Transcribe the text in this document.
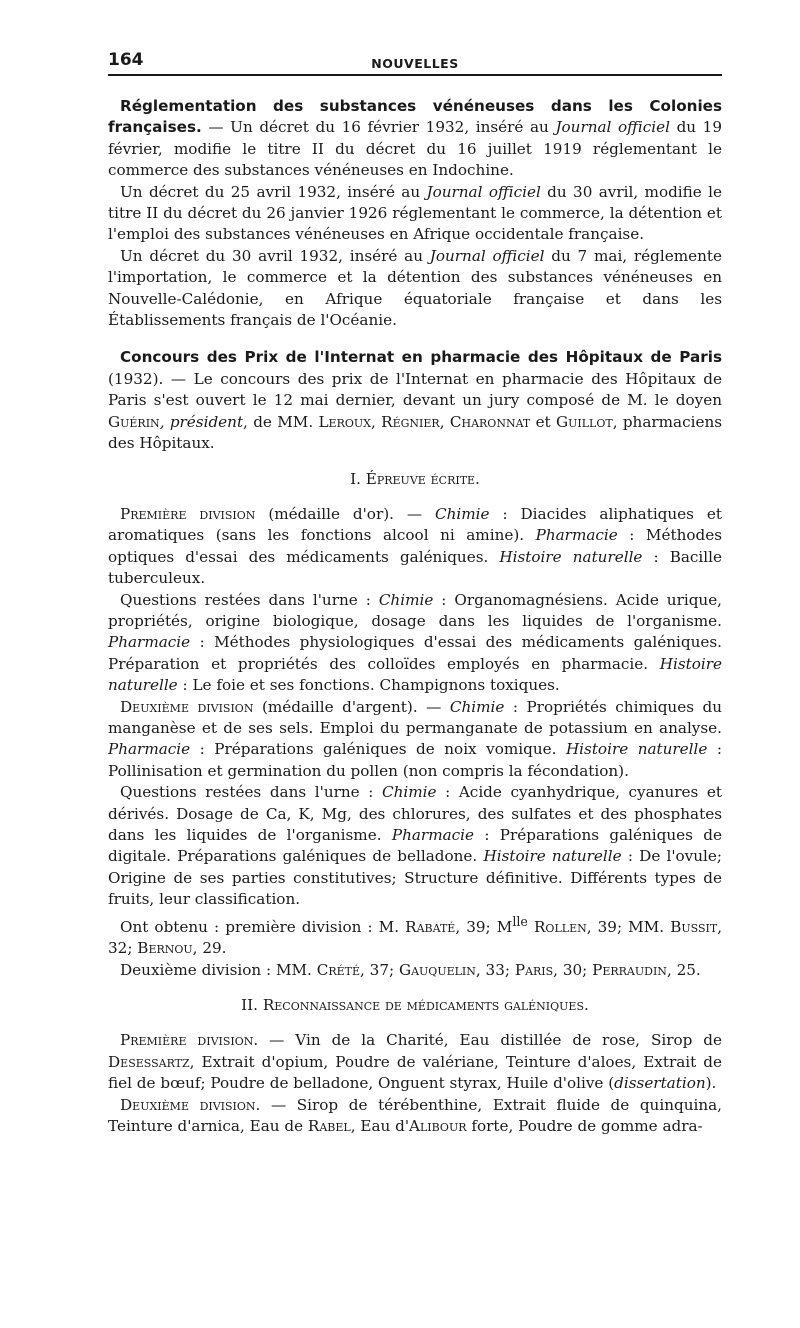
164	NOUVELLES

Réglementation des substances vénéneuses dans les Colonies françaises. — Un décret du 16 février 1932, inséré au Journal officiel du 19 février, modifie le titre II du décret du 16 juillet 1919 réglementant le commerce des substances vénéneuses en Indochine.

Un décret du 25 avril 1932, inséré au Journal officiel du 30 avril, modifie le titre II du décret du 26 janvier 1926 réglementant le commerce, la détention et l'emploi des substances vénéneuses en Afrique occidentale française.

Un décret du 30 avril 1932, inséré au Journal officiel du 7 mai, réglemente l'importation, le commerce et la détention des substances vénéneuses en Nouvelle-Calédonie, en Afrique équatoriale française et dans les Établissements français de l'Océanie.

Concours des Prix de l'Internat en pharmacie des Hôpitaux de Paris (1932). — Le concours des prix de l'Internat en pharmacie des Hôpitaux de Paris s'est ouvert le 12 mai dernier, devant un jury composé de M. le doyen Guérin, président, de MM. Leroux, Régnier, Charonnat et Guillot, pharmaciens des Hôpitaux.

I. Épreuve écrite.

Première division (médaille d'or). — Chimie : Diacides aliphatiques et aromatiques (sans les fonctions alcool ni amine). Pharmacie : Méthodes optiques d'essai des médicaments galéniques. Histoire naturelle : Bacille tuberculeux.

Questions restées dans l'urne : Chimie : Organomagnésiens. Acide urique, propriétés, origine biologique, dosage dans les liquides de l'organisme. Pharmacie : Méthodes physiologiques d'essai des médicaments galéniques. Préparation et propriétés des colloïdes employés en pharmacie. Histoire naturelle : Le foie et ses fonctions. Champignons toxiques.

Deuxième division (médaille d'argent). — Chimie : Propriétés chimiques du manganèse et de ses sels. Emploi du permanganate de potassium en analyse. Pharmacie : Préparations galéniques de noix vomique. Histoire naturelle : Pollinisation et germination du pollen (non compris la fécondation).

Questions restées dans l'urne : Chimie : Acide cyanhydrique, cyanures et dérivés. Dosage de Ca, K, Mg, des chlorures, des sulfates et des phosphates dans les liquides de l'organisme. Pharmacie : Préparations galéniques de digitale. Préparations galéniques de belladone. Histoire naturelle : De l'ovule; Origine de ses parties constitutives; Structure définitive. Différents types de fruits, leur classification.

Ont obtenu : première division : M. Rabaté, 39; $M^{lle}$ Rollen, 39; MM. Bussit, 32; Bernou, 29.

Deuxième division : MM. Crété, 37; Gauquelin, 33; Paris, 30; Perraudin, 25.

II. Reconnaissance de médicaments galéniques.

Première division. — Vin de la Charité, Eau distillée de rose, Sirop de Desessartz, Extrait d'opium, Poudre de valériane, Teinture d'aloes, Extrait de fiel de bœuf; Poudre de belladone, Onguent styrax, Huile d'olive (dissertation).

Deuxième division. — Sirop de térébenthine, Extrait fluide de quinquina, Teinture d'arnica, Eau de Rabel, Eau d'Alibour forte, Poudre de gomme adra-
